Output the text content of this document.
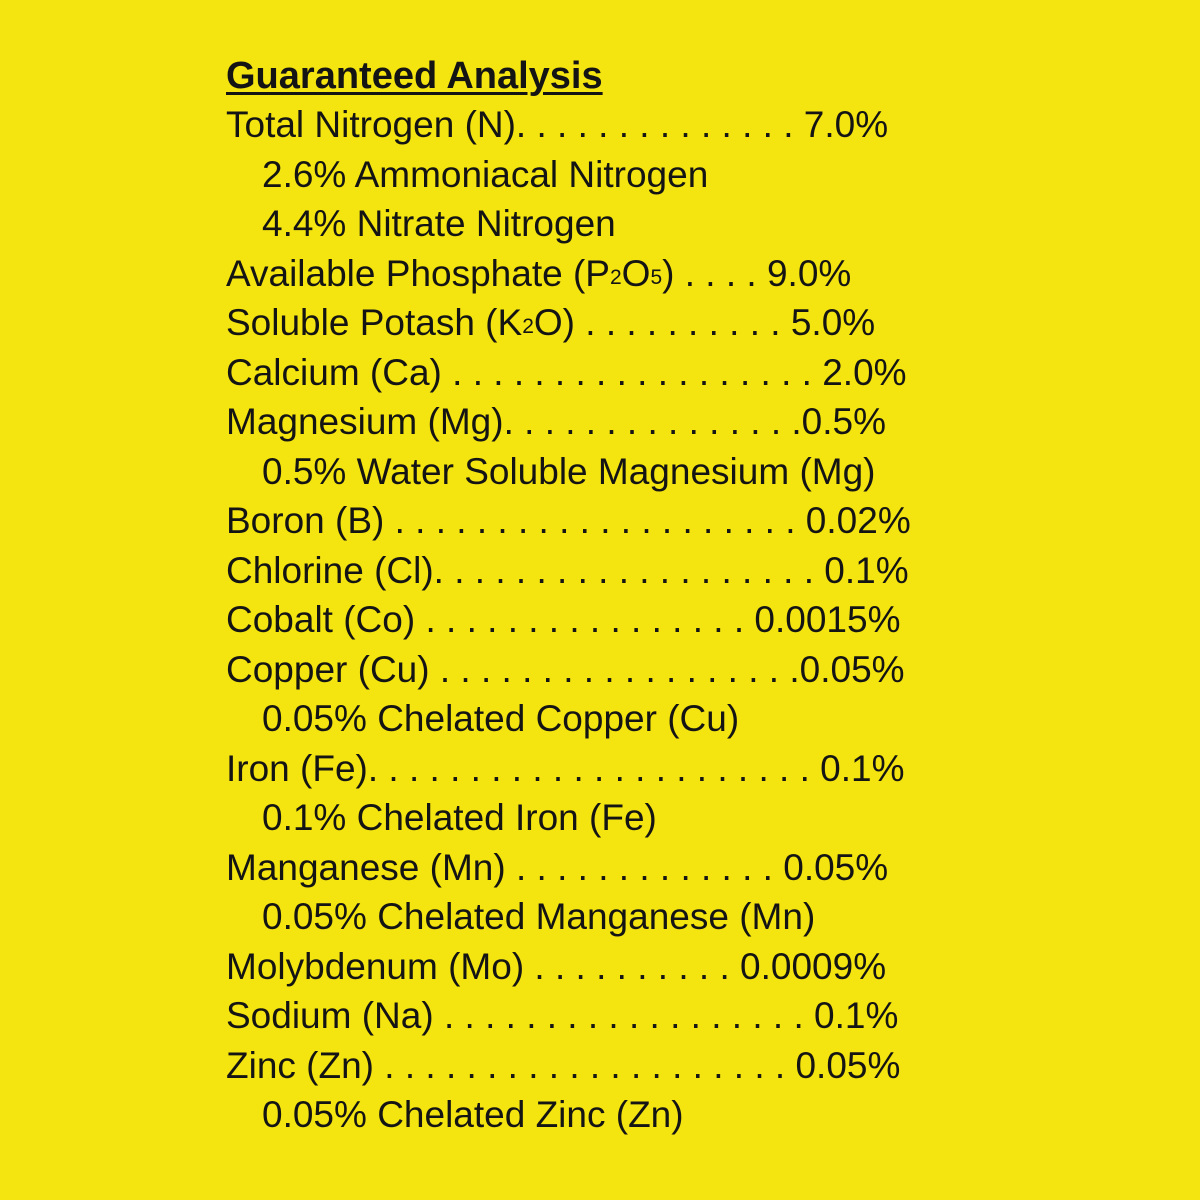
Guaranteed Analysis
Total Nitrogen (N). . . . . . . . . . . . . . 7.0%
2.6% Ammoniacal Nitrogen
4.4% Nitrate Nitrogen
Available Phosphate $(P_2O_5)$ . . . . 9.0%
Soluble Potash $(K_2O)$ . . . . . . . . . . 5.0%
Calcium (Ca) . . . . . . . . . . . . . . . . . . 2.0%
Magnesium (Mg). . . . . . . . . . . . . . .0.5%
0.5% Water Soluble Magnesium (Mg)
Boron (B) . . . . . . . . . . . . . . . . . . . . 0.02%
Chlorine (Cl). . . . . . . . . . . . . . . . . . . 0.1%
Cobalt (Co) . . . . . . . . . . . . . . . . 0.0015%
Copper (Cu) . . . . . . . . . . . . . . . . . .0.05%
0.05% Chelated Copper (Cu)
Iron (Fe). . . . . . . . . . . . . . . . . . . . . . 0.1%
0.1% Chelated Iron (Fe)
Manganese (Mn) . . . . . . . . . . . . . 0.05%
0.05% Chelated Manganese (Mn)
Molybdenum (Mo) . . . . . . . . . . 0.0009%
Sodium (Na) . . . . . . . . . . . . . . . . . . 0.1%
Zinc (Zn) . . . . . . . . . . . . . . . . . . . . 0.05%
0.05% Chelated Zinc (Zn)
